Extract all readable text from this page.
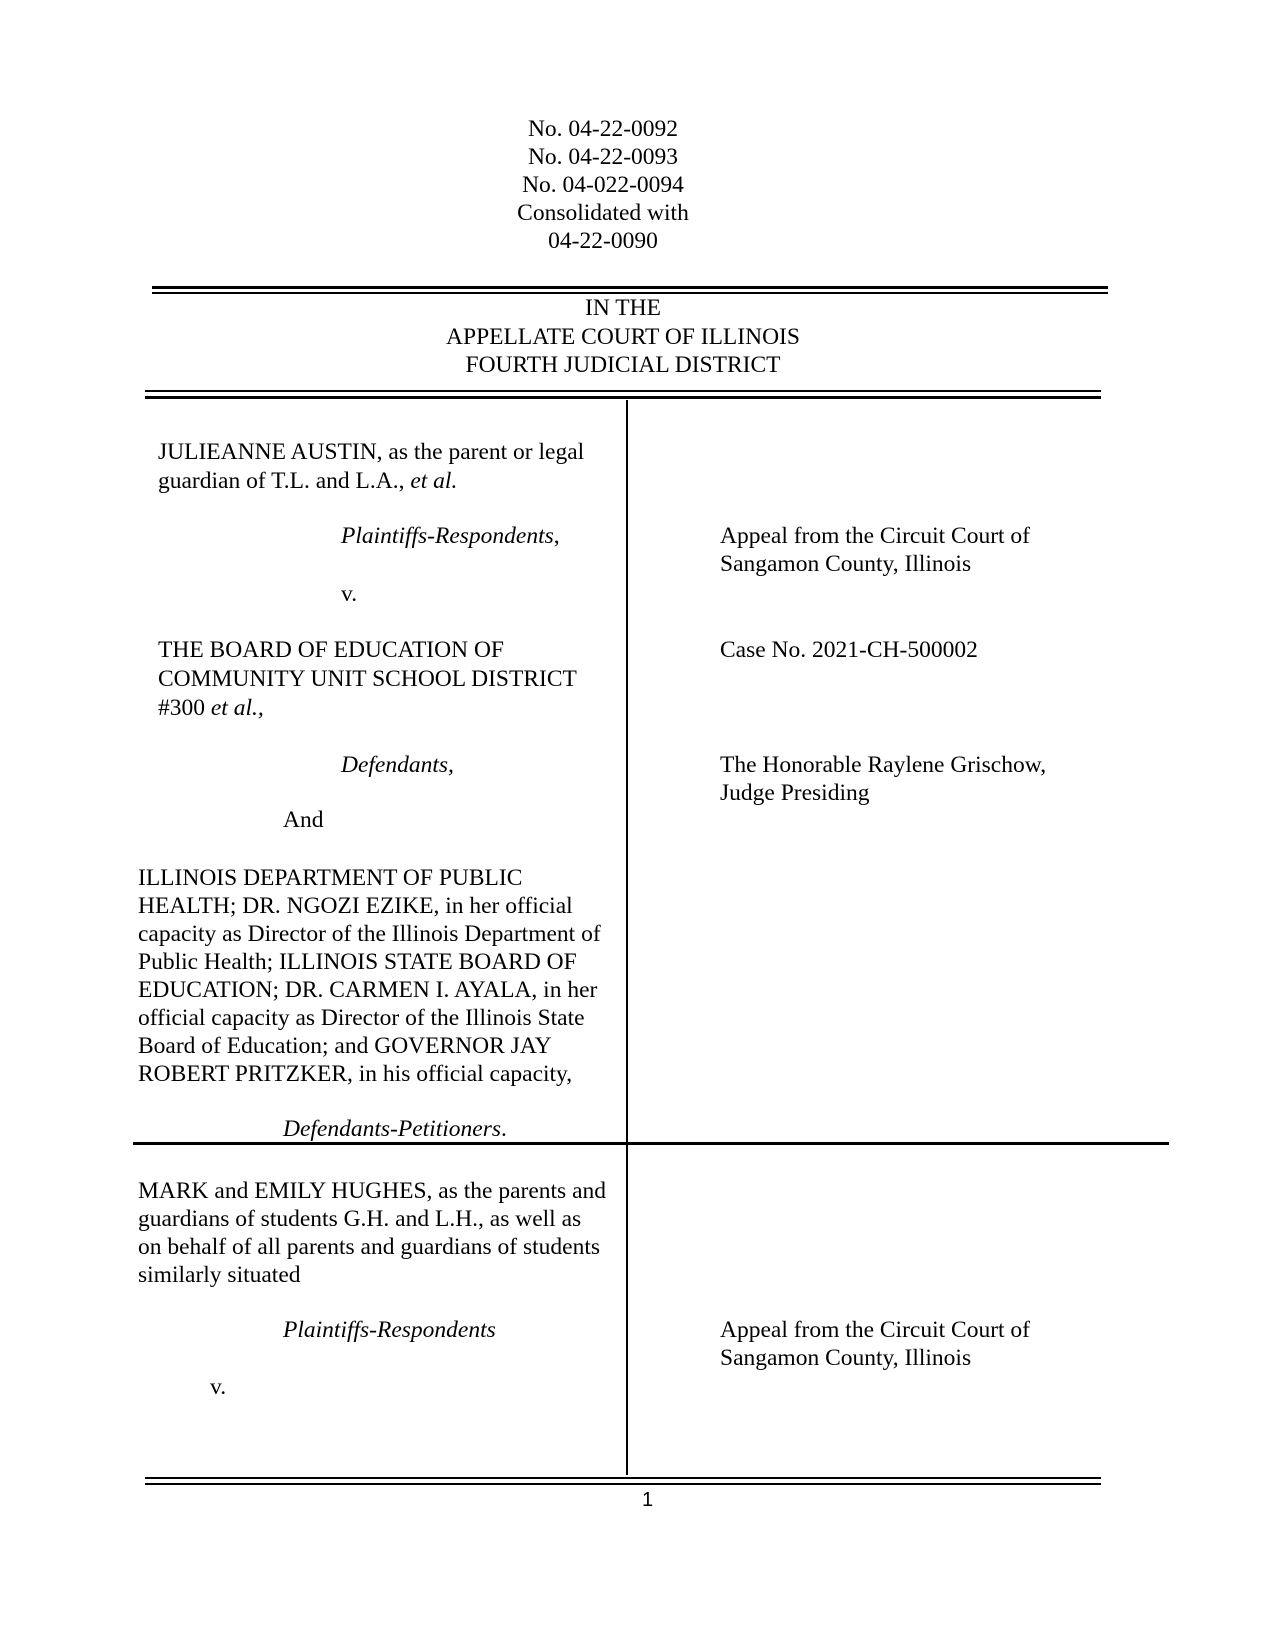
No. 04-22-0092
No. 04-22-0093
No. 04-022-0094
Consolidated with
04-22-0090
IN THE
APPELLATE COURT OF ILLINOIS
FOURTH JUDICIAL DISTRICT
JULIEANNE AUSTIN, as the parent or legal
guardian of T.L. and L.A., et al.
Plaintiffs-Respondents,
v.
THE BOARD OF EDUCATION OF
COMMUNITY UNIT SCHOOL DISTRICT
#300 et al.,
Defendants,
And
ILLINOIS DEPARTMENT OF PUBLIC
HEALTH; DR. NGOZI EZIKE, in her official
capacity as Director of the Illinois Department of
Public Health; ILLINOIS STATE BOARD OF
EDUCATION; DR. CARMEN I. AYALA, in her
official capacity as Director of the Illinois State
Board of Education; and GOVERNOR JAY
ROBERT PRITZKER, in his official capacity,
Defendants-Petitioners.
Appeal from the Circuit Court of
Sangamon County, Illinois
Case No. 2021-CH-500002
The Honorable Raylene Grischow,
Judge Presiding
MARK and EMILY HUGHES, as the parents and
guardians of students G.H. and L.H., as well as
on behalf of all parents and guardians of students
similarly situated
Plaintiffs-Respondents
v.
Appeal from the Circuit Court of
Sangamon County, Illinois
1
